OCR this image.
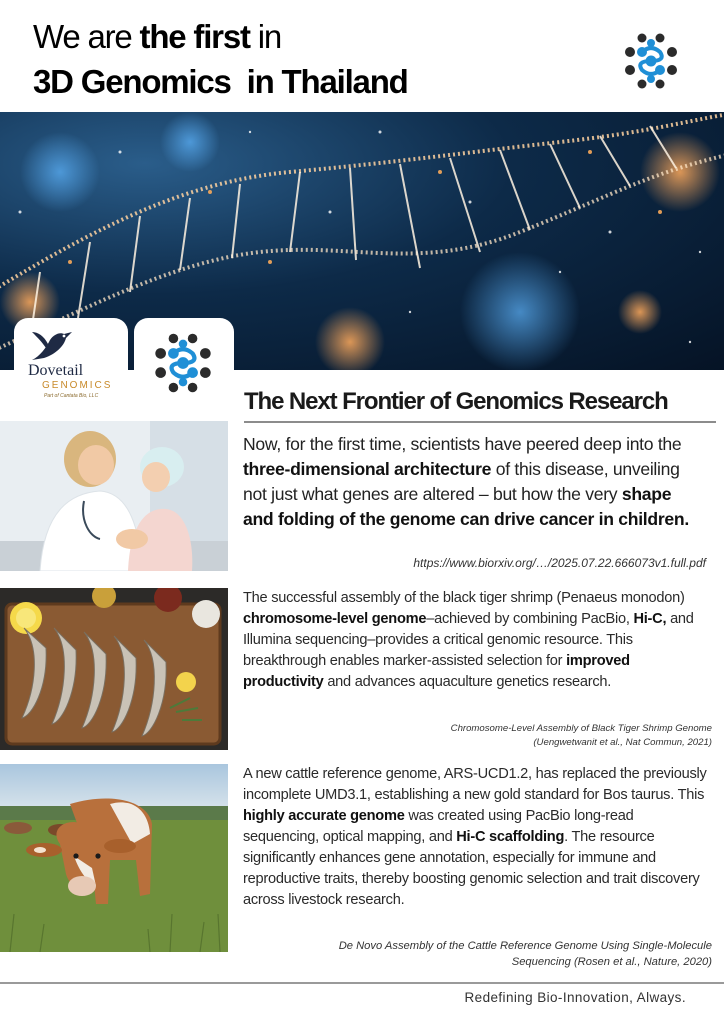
We are the first in
3D Genomics  in Thailand
Dovetail
GENOMICS
Part of Cantata Bio, LLC	The Next Frontier of Genomics Research
Now, for the first time, scientists have peered deep into the three-dimensional architecture of this disease, unveiling not just what genes are altered – but how the very shape and folding of the genome can drive cancer in children.
https://www.biorxiv.org/…/2025.07.22.666073v1.full.pdf
The successful assembly of the black tiger shrimp (Penaeus monodon) chromosome-level genome–achieved by combining PacBio, Hi-C, and Illumina sequencing–provides a critical genomic resource. This breakthrough enables marker-assisted selection for improved productivity and advances aquaculture genetics research.
Chromosome-Level Assembly of Black Tiger Shrimp Genome
(Uengwetwanit et al., Nat Commun, 2021)
A new cattle reference genome, ARS-UCD1.2, has replaced the previously incomplete UMD3.1, establishing a new gold standard for Bos taurus. This highly accurate genome was created using PacBio long-read sequencing, optical mapping, and Hi-C scaffolding. The resource significantly enhances gene annotation, especially for immune and reproductive traits, thereby boosting genomic selection and trait discovery across livestock research.
De Novo Assembly of the Cattle Reference Genome Using Single-Molecule
Sequencing (Rosen et al., Nature, 2020)
Redefining Bio-Innovation, Always.
